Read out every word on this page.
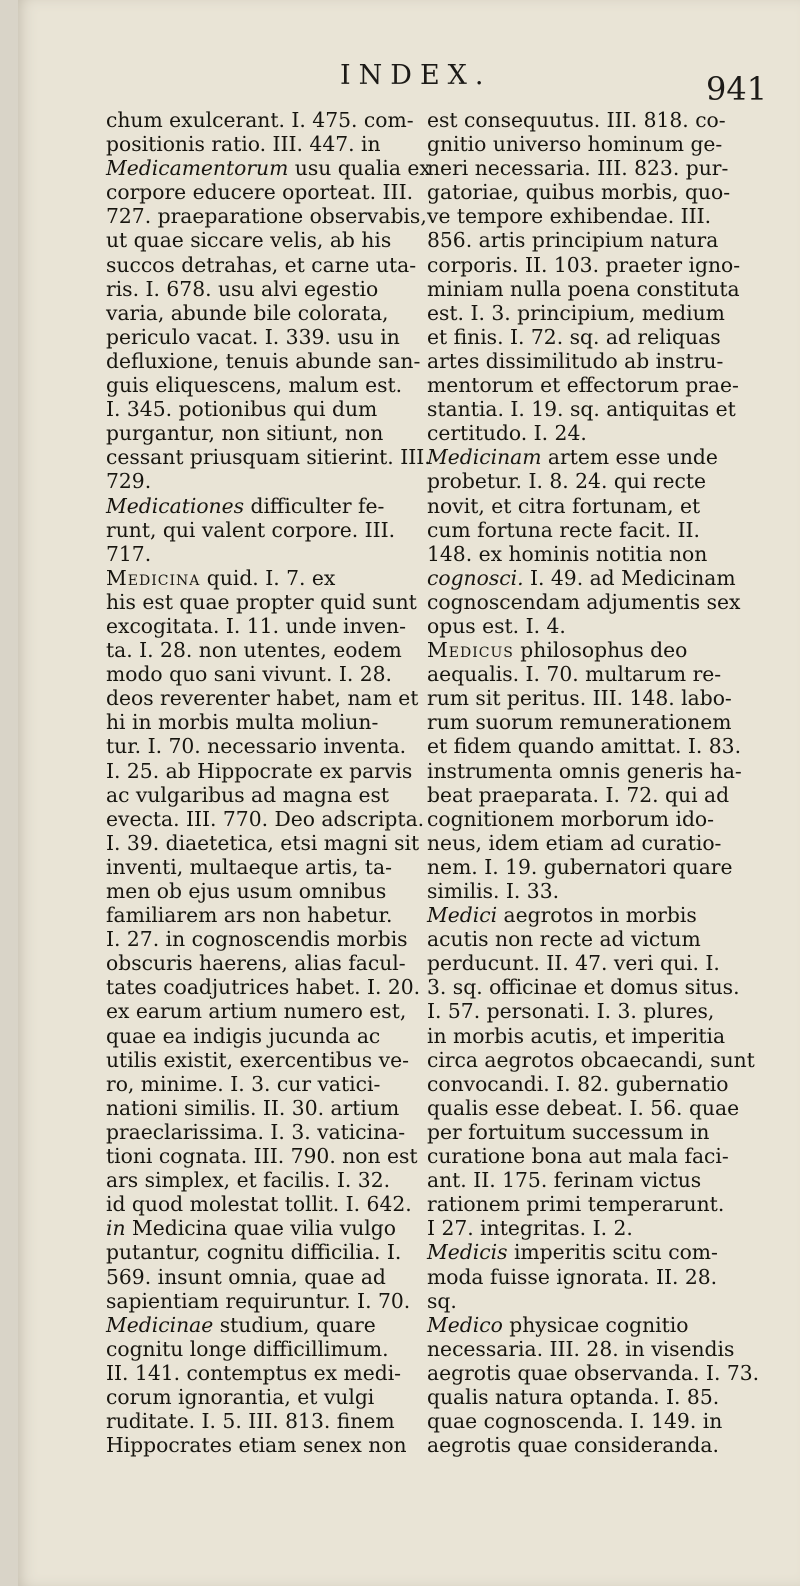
INDEX.	941
chum exulcerant. I. 475. com-
positionis ratio. III. 447. in
Medicamentorum usu qualia ex
corpore educere oporteat. III.
727. praeparatione observabis,
ut quae siccare velis, ab his
succos detrahas, et carne uta-
ris. I. 678. usu alvi egestio
varia, abunde bile colorata,
periculo vacat. I. 339. usu in
defluxione, tenuis abunde san-
guis eliquescens, malum est.
I. 345. potionibus qui dum
purgantur, non sitiunt, non
cessant priusquam sitierint. III.
729.
Medicationes difficulter fe-
runt, qui valent corpore. III.
717.
Medicina quid. I. 7. ex
his est quae propter quid sunt
excogitata. I. 11. unde inven-
ta. I. 28. non utentes, eodem
modo quo sani vivunt. I. 28.
deos reverenter habet, nam et
hi in morbis multa moliun-
tur. I. 70. necessario inventa.
I. 25. ab Hippocrate ex parvis
ac vulgaribus ad magna est
evecta. III. 770. Deo adscripta.
I. 39. diaetetica, etsi magni sit
inventi, multaeque artis, ta-
men ob ejus usum omnibus
familiarem ars non habetur.
I. 27. in cognoscendis morbis
obscuris haerens, alias facul-
tates coadjutrices habet. I. 20.
ex earum artium numero est,
quae ea indigis jucunda ac
utilis existit, exercentibus ve-
ro, minime. I. 3. cur vatici-
nationi similis. II. 30. artium
praeclarissima. I. 3. vaticina-
tioni cognata. III. 790. non est
ars simplex, et facilis. I. 32.
id quod molestat tollit. I. 642.
in Medicina quae vilia vulgo
putantur, cognitu difficilia. I.
569. insunt omnia, quae ad
sapientiam requiruntur. I. 70.
Medicinae studium, quare
cognitu longe difficillimum.
II. 141. contemptus ex medi-
corum ignorantia, et vulgi
ruditate. I. 5. III. 813. finem
Hippocrates etiam senex non
est consequutus. III. 818. co-
gnitio universo hominum ge-
neri necessaria. III. 823. pur-
gatoriae, quibus morbis, quo-
ve tempore exhibendae. III.
856. artis principium natura
corporis. II. 103. praeter igno-
miniam nulla poena constituta
est. I. 3. principium, medium
et finis. I. 72. sq. ad reliquas
artes dissimilitudo ab instru-
mentorum et effectorum prae-
stantia. I. 19. sq. antiquitas et
certitudo. I. 24.
Medicinam artem esse unde
probetur. I. 8. 24. qui recte
novit, et citra fortunam, et
cum fortuna recte facit. II.
148. ex hominis notitia non
cognosci. I. 49. ad Medicinam
cognoscendam adjumentis sex
opus est. I. 4.
Medicus philosophus deo
aequalis. I. 70. multarum re-
rum sit peritus. III. 148. labo-
rum suorum remunerationem
et fidem quando amittat. I. 83.
instrumenta omnis generis ha-
beat praeparata. I. 72. qui ad
cognitionem morborum ido-
neus, idem etiam ad curatio-
nem. I. 19. gubernatori quare
similis. I. 33.
Medici aegrotos in morbis
acutis non recte ad victum
perducunt. II. 47. veri qui. I.
3. sq. officinae et domus situs.
I. 57. personati. I. 3. plures,
in morbis acutis, et imperitia
circa aegrotos obcaecandi, sunt
convocandi. I. 82. gubernatio
qualis esse debeat. I. 56. quae
per fortuitum successum in
curatione bona aut mala faci-
ant. II. 175. ferinam victus
rationem primi temperarunt.
I 27. integritas. I. 2.
Medicis imperitis scitu com-
moda fuisse ignorata. II. 28.
sq.
Medico physicae cognitio
necessaria. III. 28. in visendis
aegrotis quae observanda. I. 73.
qualis natura optanda. I. 85.
quae cognoscenda. I. 149. in
aegrotis quae consideranda.
